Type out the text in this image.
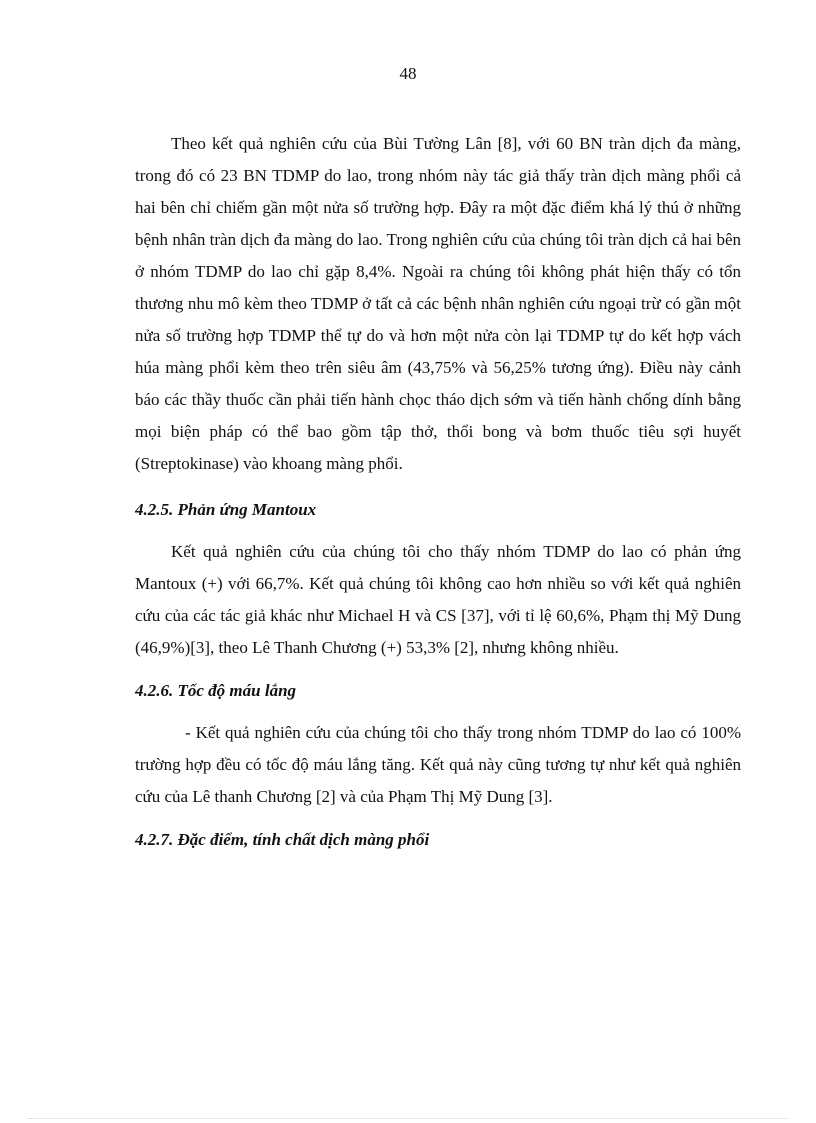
48

Theo kết quả nghiên cứu của Bùi Tường Lân [8], với 60 BN tràn dịch đa màng, trong đó có 23 BN TDMP do lao, trong nhóm này tác giả thấy tràn dịch màng phổi cả hai bên chỉ chiếm gần một nửa số trường hợp. Đây ra một đặc điểm khá lý thú ở những bệnh nhân tràn dịch đa màng do lao. Trong nghiên cứu của chúng tôi tràn dịch cả hai bên ở nhóm TDMP do lao chỉ gặp 8,4%. Ngoài ra chúng tôi không phát hiện thấy có tổn thương nhu mô kèm theo TDMP ở tất cả các bệnh nhân nghiên cứu ngoại trừ có gần một nửa số trường hợp TDMP thể tự do và hơn một nửa còn lại TDMP tự do kết hợp vách húa màng phổi kèm theo trên siêu âm (43,75% và 56,25% tương ứng). Điều này cảnh báo các thầy thuốc cần phải tiến hành chọc tháo dịch sớm và tiến hành chống dính bằng mọi biện pháp có thể bao gồm tập thở, thổi bong và bơm thuốc tiêu sợi huyết (Streptokinase) vào khoang màng phổi.

4.2.5. Phản ứng Mantoux

Kết quả nghiên cứu của chúng tôi cho thấy nhóm TDMP do lao có phản ứng Mantoux (+) với 66,7%. Kết quả chúng tôi không cao hơn nhiều so với kết quả nghiên cứu của các tác giả khác như Michael H và CS [37], với tỉ lệ 60,6%, Phạm thị Mỹ Dung (46,9%)[3], theo Lê Thanh Chương (+) 53,3% [2], nhưng không nhiều.

4.2.6. Tốc độ máu lắng

- Kết quả nghiên cứu của chúng tôi cho thấy trong nhóm TDMP do lao có 100% trường hợp đều có tốc độ máu lắng tăng. Kết quả này cũng tương tự như kết quả nghiên cứu của Lê thanh Chương [2] và của Phạm Thị Mỹ Dung [3].

4.2.7. Đặc điểm, tính chất dịch màng phổi
